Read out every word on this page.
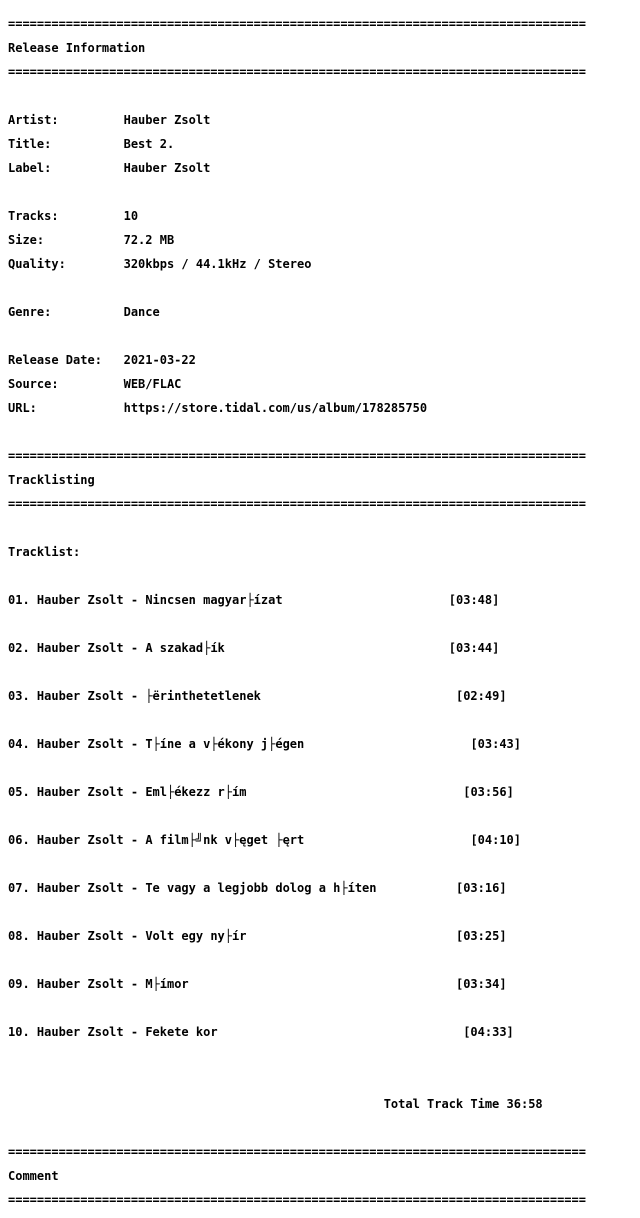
================================================================================

Release Information

================================================================================

Artist:	Hauber Zsolt

Title:	Best 2.

Label:	Hauber Zsolt

Tracks:	10

Size:	72.2 MB

Quality:	320kbps / 44.1kHz / Stereo

Genre:	Dance

Release Date: 2021-03-22

Source:	WEB/FLAC

URL:	https://store.tidal.com/us/album/178285750

================================================================================

Tracklisting

================================================================================

Tracklist:

01. Hauber Zsolt - Nincsen magyar├ízat	[03:48]

02. Hauber Zsolt - A szakad├ík	[03:44]

03. Hauber Zsolt - ├ërinthetetlenek	[02:49]

04. Hauber Zsolt - T├íne a v├ékony j├égen	[03:43]

05. Hauber Zsolt - Eml├ékezz r├ím	[03:56]

06. Hauber Zsolt - A film├╝nk v├ęget ├ęrt	[04:10]

07. Hauber Zsolt - Te vagy a legjobb dolog a h├íten	[03:16]

08. Hauber Zsolt - Volt egy ny├ír	[03:25]

09. Hauber Zsolt - M├ímor	[03:34]

10. Hauber Zsolt - Fekete kor	[04:33]

Total Track Time 36:58

================================================================================

Comment

================================================================================
